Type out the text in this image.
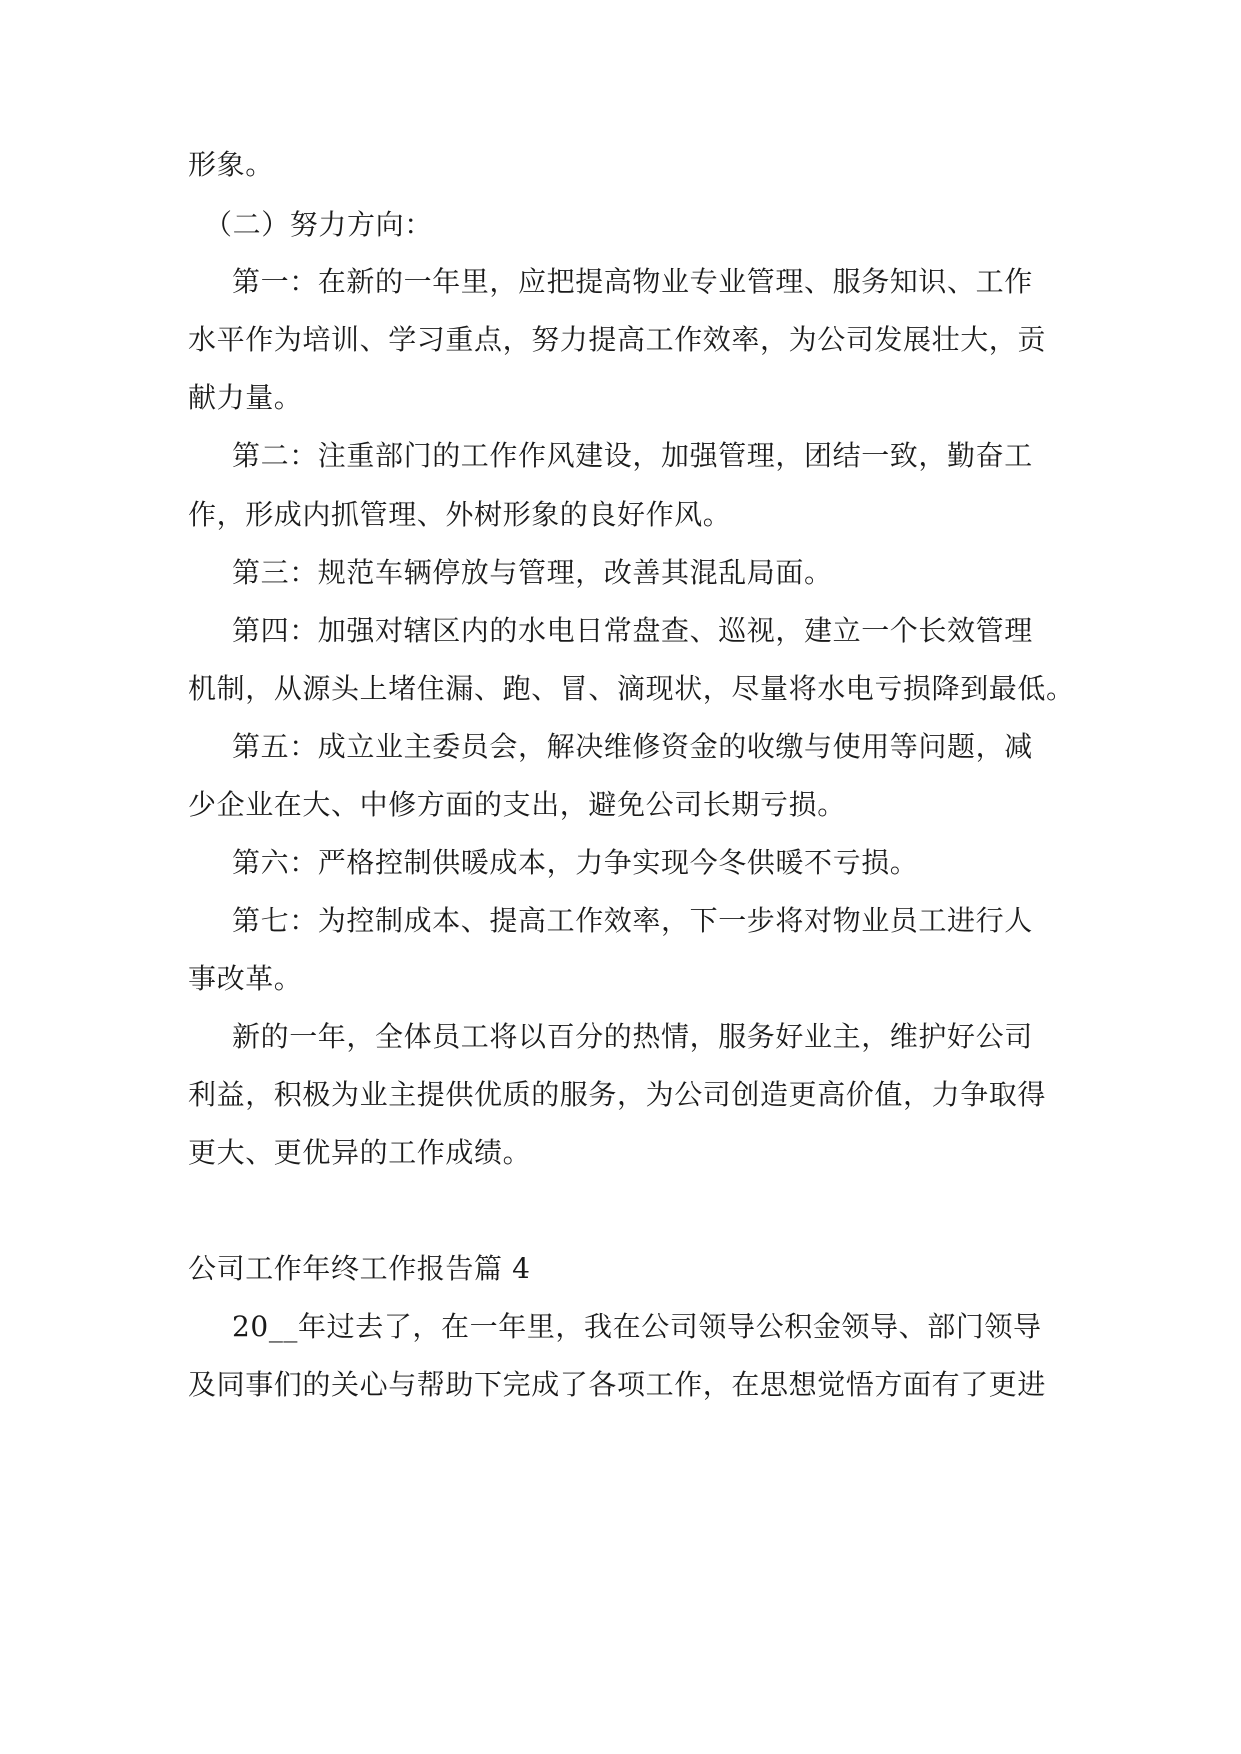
形象。
（二）努力方向：
第一：在新的一年里，应把提高物业专业管理、服务知识、工作
水平作为培训、学习重点，努力提高工作效率，为公司发展壮大，贡
献力量。
第二：注重部门的工作作风建设，加强管理，团结一致，勤奋工
作，形成内抓管理、外树形象的良好作风。
第三：规范车辆停放与管理，改善其混乱局面。
第四：加强对辖区内的水电日常盘查、巡视，建立一个长效管理
机制，从源头上堵住漏、跑、冒、滴现状，尽量将水电亏损降到最低。
第五：成立业主委员会，解决维修资金的收缴与使用等问题，减
少企业在大、中修方面的支出，避免公司长期亏损。
第六：严格控制供暖成本，力争实现今冬供暖不亏损。
第七：为控制成本、提高工作效率，下一步将对物业员工进行人
事改革。
新的一年，全体员工将以百分的热情，服务好业主，维护好公司
利益，积极为业主提供优质的服务，为公司创造更高价值，力争取得
更大、更优异的工作成绩。
公司工作年终工作报告篇 4
20__年过去了，在一年里，我在公司领导公积金领导、部门领导
及同事们的关心与帮助下完成了各项工作，在思想觉悟方面有了更进
